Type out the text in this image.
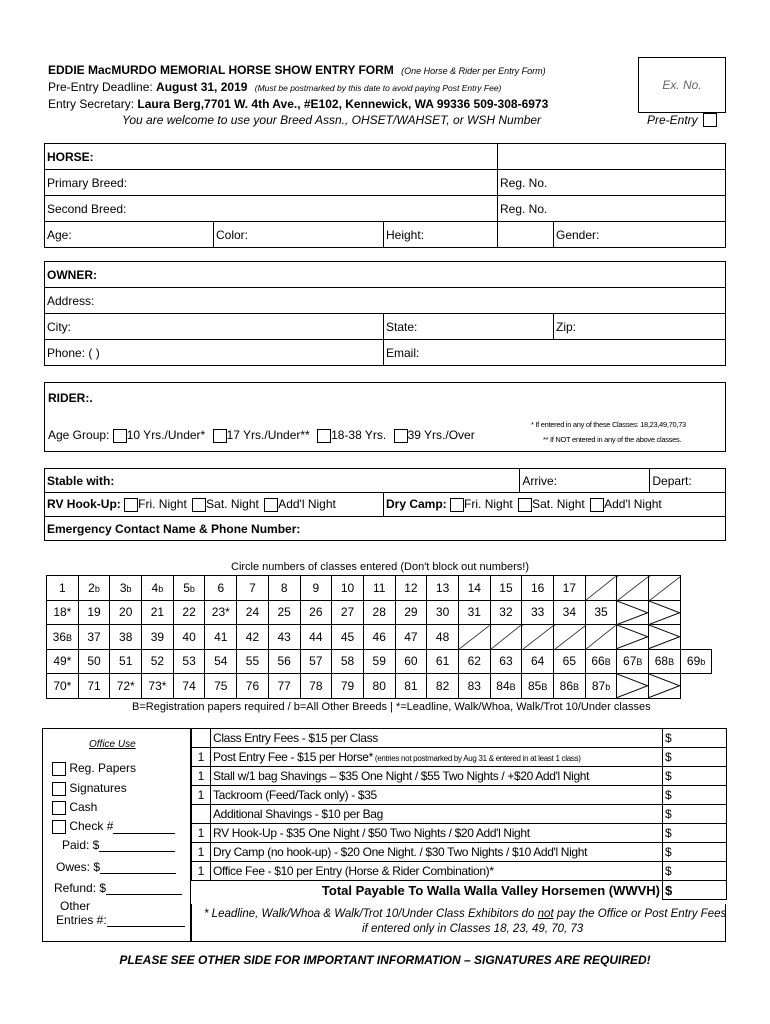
EDDIE MacMURDO MEMORIAL HORSE SHOW ENTRY FORM (One Horse & Rider per Entry Form)
Pre-Entry Deadline: August 31, 2019 (Must be postmarked by this date to avoid paying Post Entry Fee)
Entry Secretary: Laura Berg,7701 W. 4th Ave., #E102, Kennewick, WA 99336 509-308-6973
You are welcome to use your Breed Assn., OHSET/WAHSET, or WSH Number
Ex. No.
Pre-Entry
HORSE:				
Primary Breed:			Reg. No.	
Second Breed:			Reg. No.	
Age:	Color:	Height:		Gender:
OWNER:		
Address:		
City:	State:	Zip:
Phone: ( )	Email:	
RIDER:.
Age Group: 10 Yrs./Under* 17 Yrs./Under** 18-38 Yrs. 39 Yrs./Over
* If entered in any of these Classes: 18,23,49,70,73
** If NOT entered in any of the above classes.
Stable with:		Arrive:	Depart:
RV Hook-Up: Fri. Night Sat. Night Add'l Night	Dry Camp: Fri. Night Sat. Night Add'l Night		
Emergency Contact Name & Phone Number:			
Circle numbers of classes entered (Don't block out numbers!)
1	2b	3b	4b	5b	6	7	8	9	10	11	12	13	14	15	16	17				
18*	19	20	21	22	23*	24	25	26	27	28	29	30	31	32	33	34	35	

36B	37	38	39	40	41	42	43	44	45	46	47	48						

49*	50	51	52	53	54	55	56	57	58	59	60	61	62	63	64	65	66B	67B	68B	69b
70*	71	72*	73*	74	75	76	77	78	79	80	81	82	83	84B	85B	86B	87b	

B=Registration papers required / b=All Other Breeds | *=Leadline, Walk/Whoa, Walk/Trot 10/Under classes
Office Use
Reg. Papers
Signatures
Cash
Check #
Paid: $
Owes: $
Refund: $
Other
Entries #:
	Class Entry Fees - $15 per Class	$
1	Post Entry Fee - $15 per Horse* (entries not postmarked by Aug 31 & entered in at least 1 class)	$
1	Stall w/1 bag Shavings – $35 One Night / $55 Two Nights / +$20 Add'l Night	$
1	Tackroom (Feed/Tack only) - $35	$
	Additional Shavings - $10 per Bag	$
1	RV Hook-Up - $35 One Night / $50 Two Nights / $20 Add'l Night	$
1	Dry Camp (no hook-up) - $20 One Night. / $30 Two Nights / $10 Add'l Night	$
1	Office Fee - $10 per Entry (Horse & Rider Combination)*	$
Total Payable To Walla Walla Valley Horsemen (WWVH)		$
* Leadline, Walk/Whoa & Walk/Trot 10/Under Class Exhibitors do not pay the Office or Post Entry Fees
if entered only in Classes 18, 23, 49, 70, 73
PLEASE SEE OTHER SIDE FOR IMPORTANT INFORMATION – SIGNATURES ARE REQUIRED!
